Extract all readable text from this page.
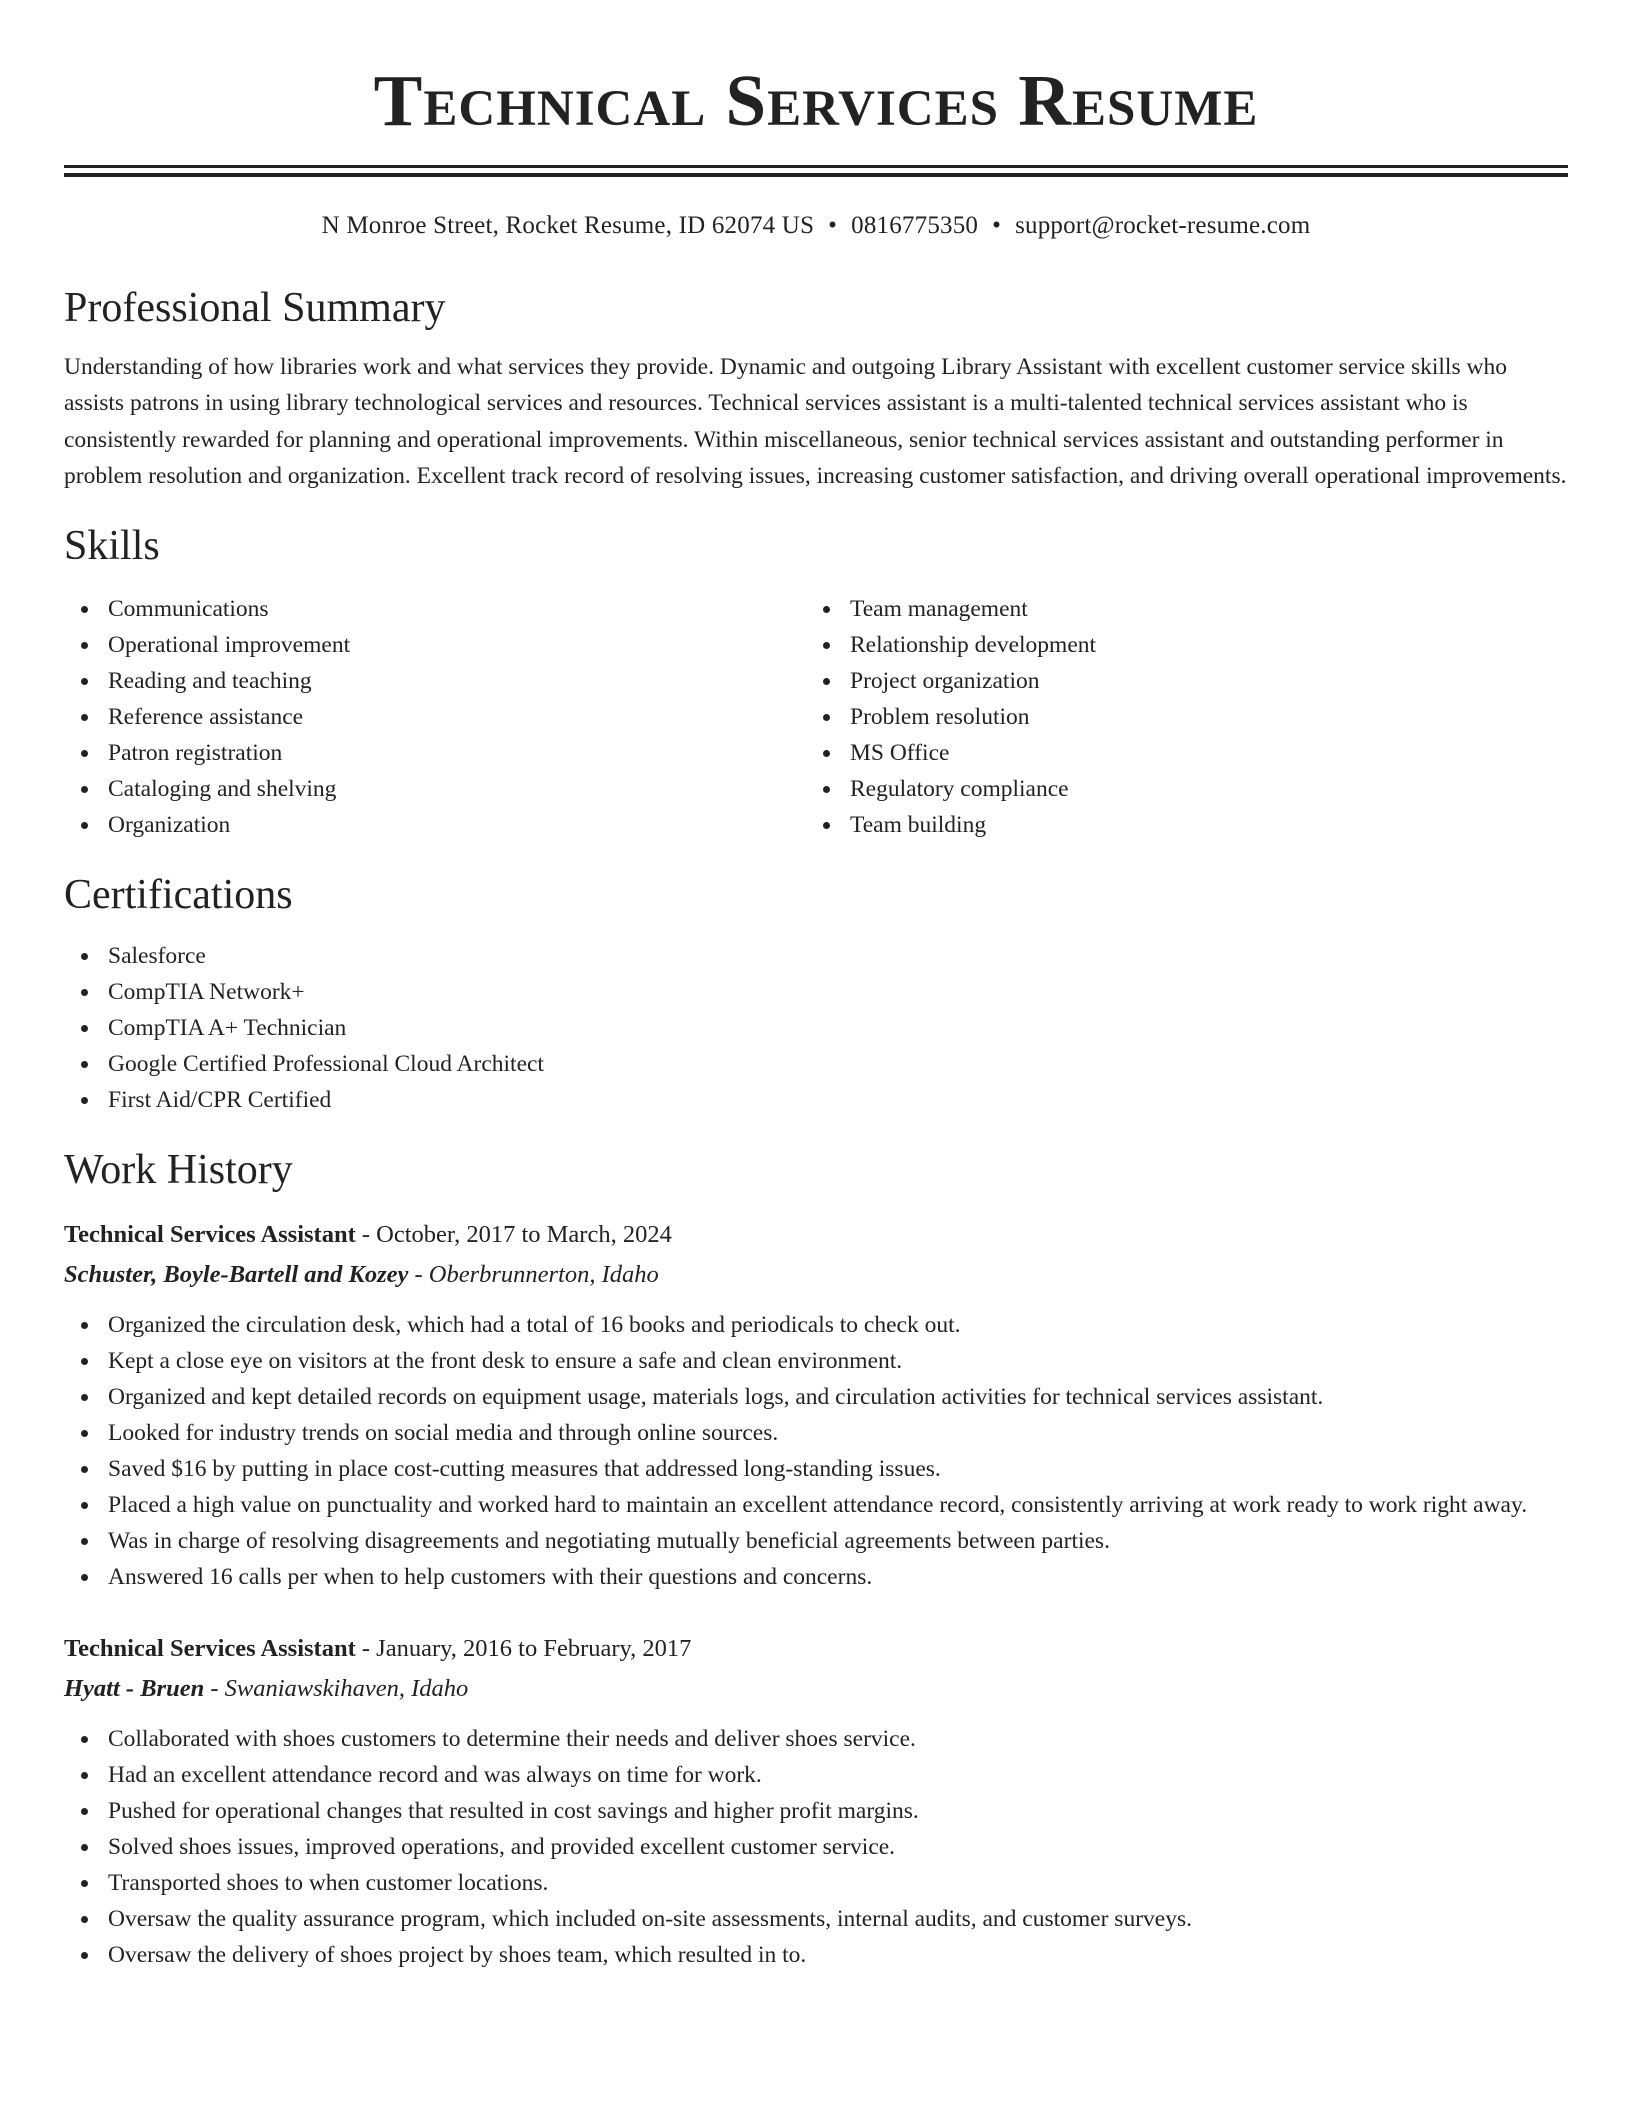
Technical Services Resume
N Monroe Street, Rocket Resume, ID 62074 US • 0816775350 • support@rocket-resume.com
Professional Summary

Understanding of how libraries work and what services they provide. Dynamic and outgoing Library Assistant with excellent customer service skills who assists patrons in using library technological services and resources. Technical services assistant is a multi-talented technical services assistant who is consistently rewarded for planning and operational improvements. Within miscellaneous, senior technical services assistant and outstanding performer in problem resolution and organization. Excellent track record of resolving issues, increasing customer satisfaction, and driving overall operational improvements.

Skills
Communications
Operational improvement
Reading and teaching
Reference assistance
Patron registration
Cataloging and shelving
Organization
Team management
Relationship development
Project organization
Problem resolution
MS Office
Regulatory compliance
Team building
Certifications
Salesforce
CompTIA Network+
CompTIA A+ Technician
Google Certified Professional Cloud Architect
First Aid/CPR Certified
Work History
Technical Services Assistant - October, 2017 to March, 2024
Schuster, Boyle-Bartell and Kozey - Oberbrunnerton, Idaho
Organized the circulation desk, which had a total of 16 books and periodicals to check out.
Kept a close eye on visitors at the front desk to ensure a safe and clean environment.
Organized and kept detailed records on equipment usage, materials logs, and circulation activities for technical services assistant.
Looked for industry trends on social media and through online sources.
Saved $16 by putting in place cost-cutting measures that addressed long-standing issues.
Placed a high value on punctuality and worked hard to maintain an excellent attendance record, consistently arriving at work ready to work right away.
Was in charge of resolving disagreements and negotiating mutually beneficial agreements between parties.
Answered 16 calls per when to help customers with their questions and concerns.
Technical Services Assistant - January, 2016 to February, 2017
Hyatt - Bruen - Swaniawskihaven, Idaho
Collaborated with shoes customers to determine their needs and deliver shoes service.
Had an excellent attendance record and was always on time for work.
Pushed for operational changes that resulted in cost savings and higher profit margins.
Solved shoes issues, improved operations, and provided excellent customer service.
Transported shoes to when customer locations.
Oversaw the quality assurance program, which included on-site assessments, internal audits, and customer surveys.
Oversaw the delivery of shoes project by shoes team, which resulted in to.
